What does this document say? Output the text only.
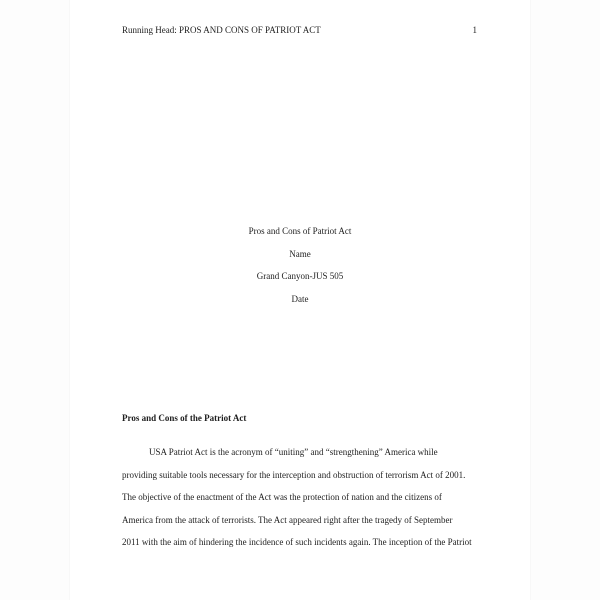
Running Head: PROS AND CONS OF PATRIOT ACT	1
Pros and Cons of Patriot Act
Name
Grand Canyon-JUS 505
Date
Pros and Cons of the Patriot Act
USA Patriot Act is the acronym of “uniting” and “strengthening” America while
providing suitable tools necessary for the interception and obstruction of terrorism Act of 2001.
The objective of the enactment of the Act was the protection of nation and the citizens of
America from the attack of terrorists. The Act appeared right after the tragedy of September
2011 with the aim of hindering the incidence of such incidents again. The inception of the Patriot
